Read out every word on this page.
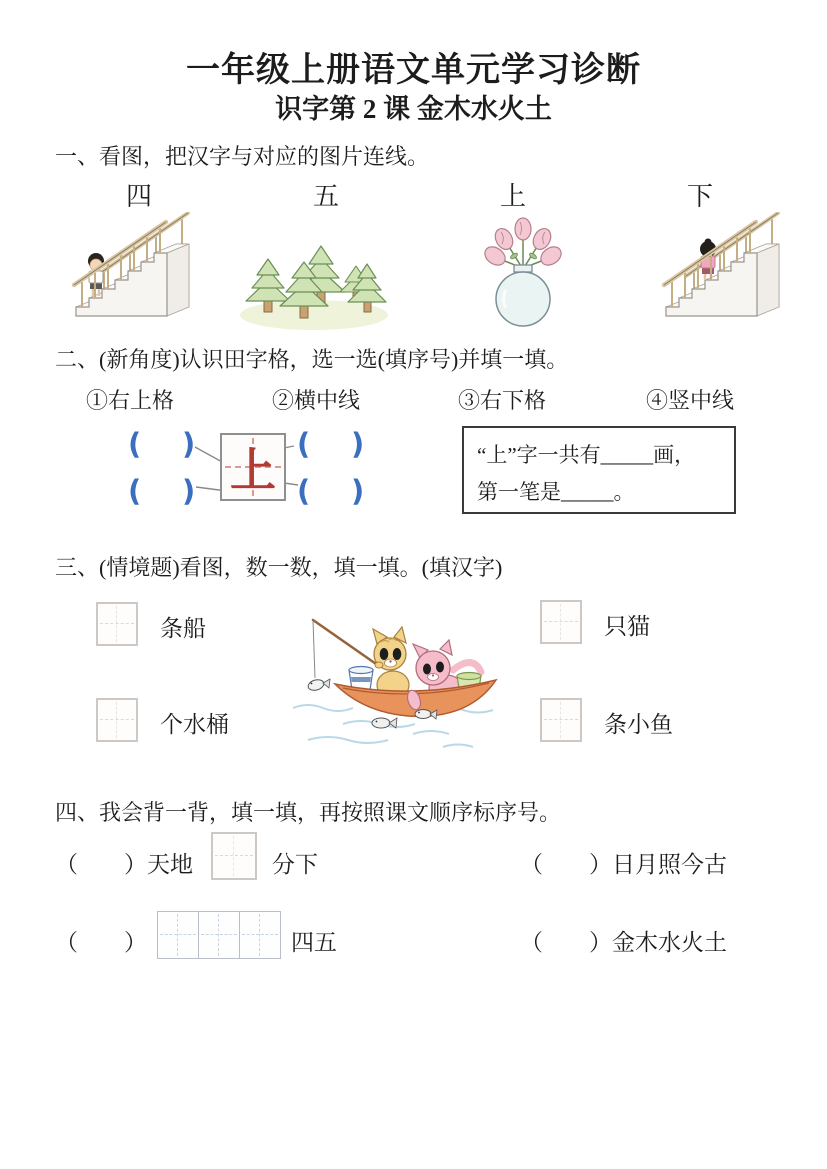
一年级上册语文单元学习诊断
识字第 2 课 金木水火土
一、看图，把汉字与对应的图片连线。
四	五	上	下
二、(新角度)认识田字格，选一选(填序号)并填一填。
①右上格	②横中线	③右下格	④竖中线
( )
( )
( )
( )
上	“上”字一共有_____画，
第一笔是_____。
三、(情境题)看图，数一数，填一填。(填汉字)
条船
个水桶
只猫
条小鱼
四、我会背一背，填一填，再按照课文顺序标序号。
（　　）天地	分下	（　　）日月照今古
（　　）	四五	（　　）金木水火土
